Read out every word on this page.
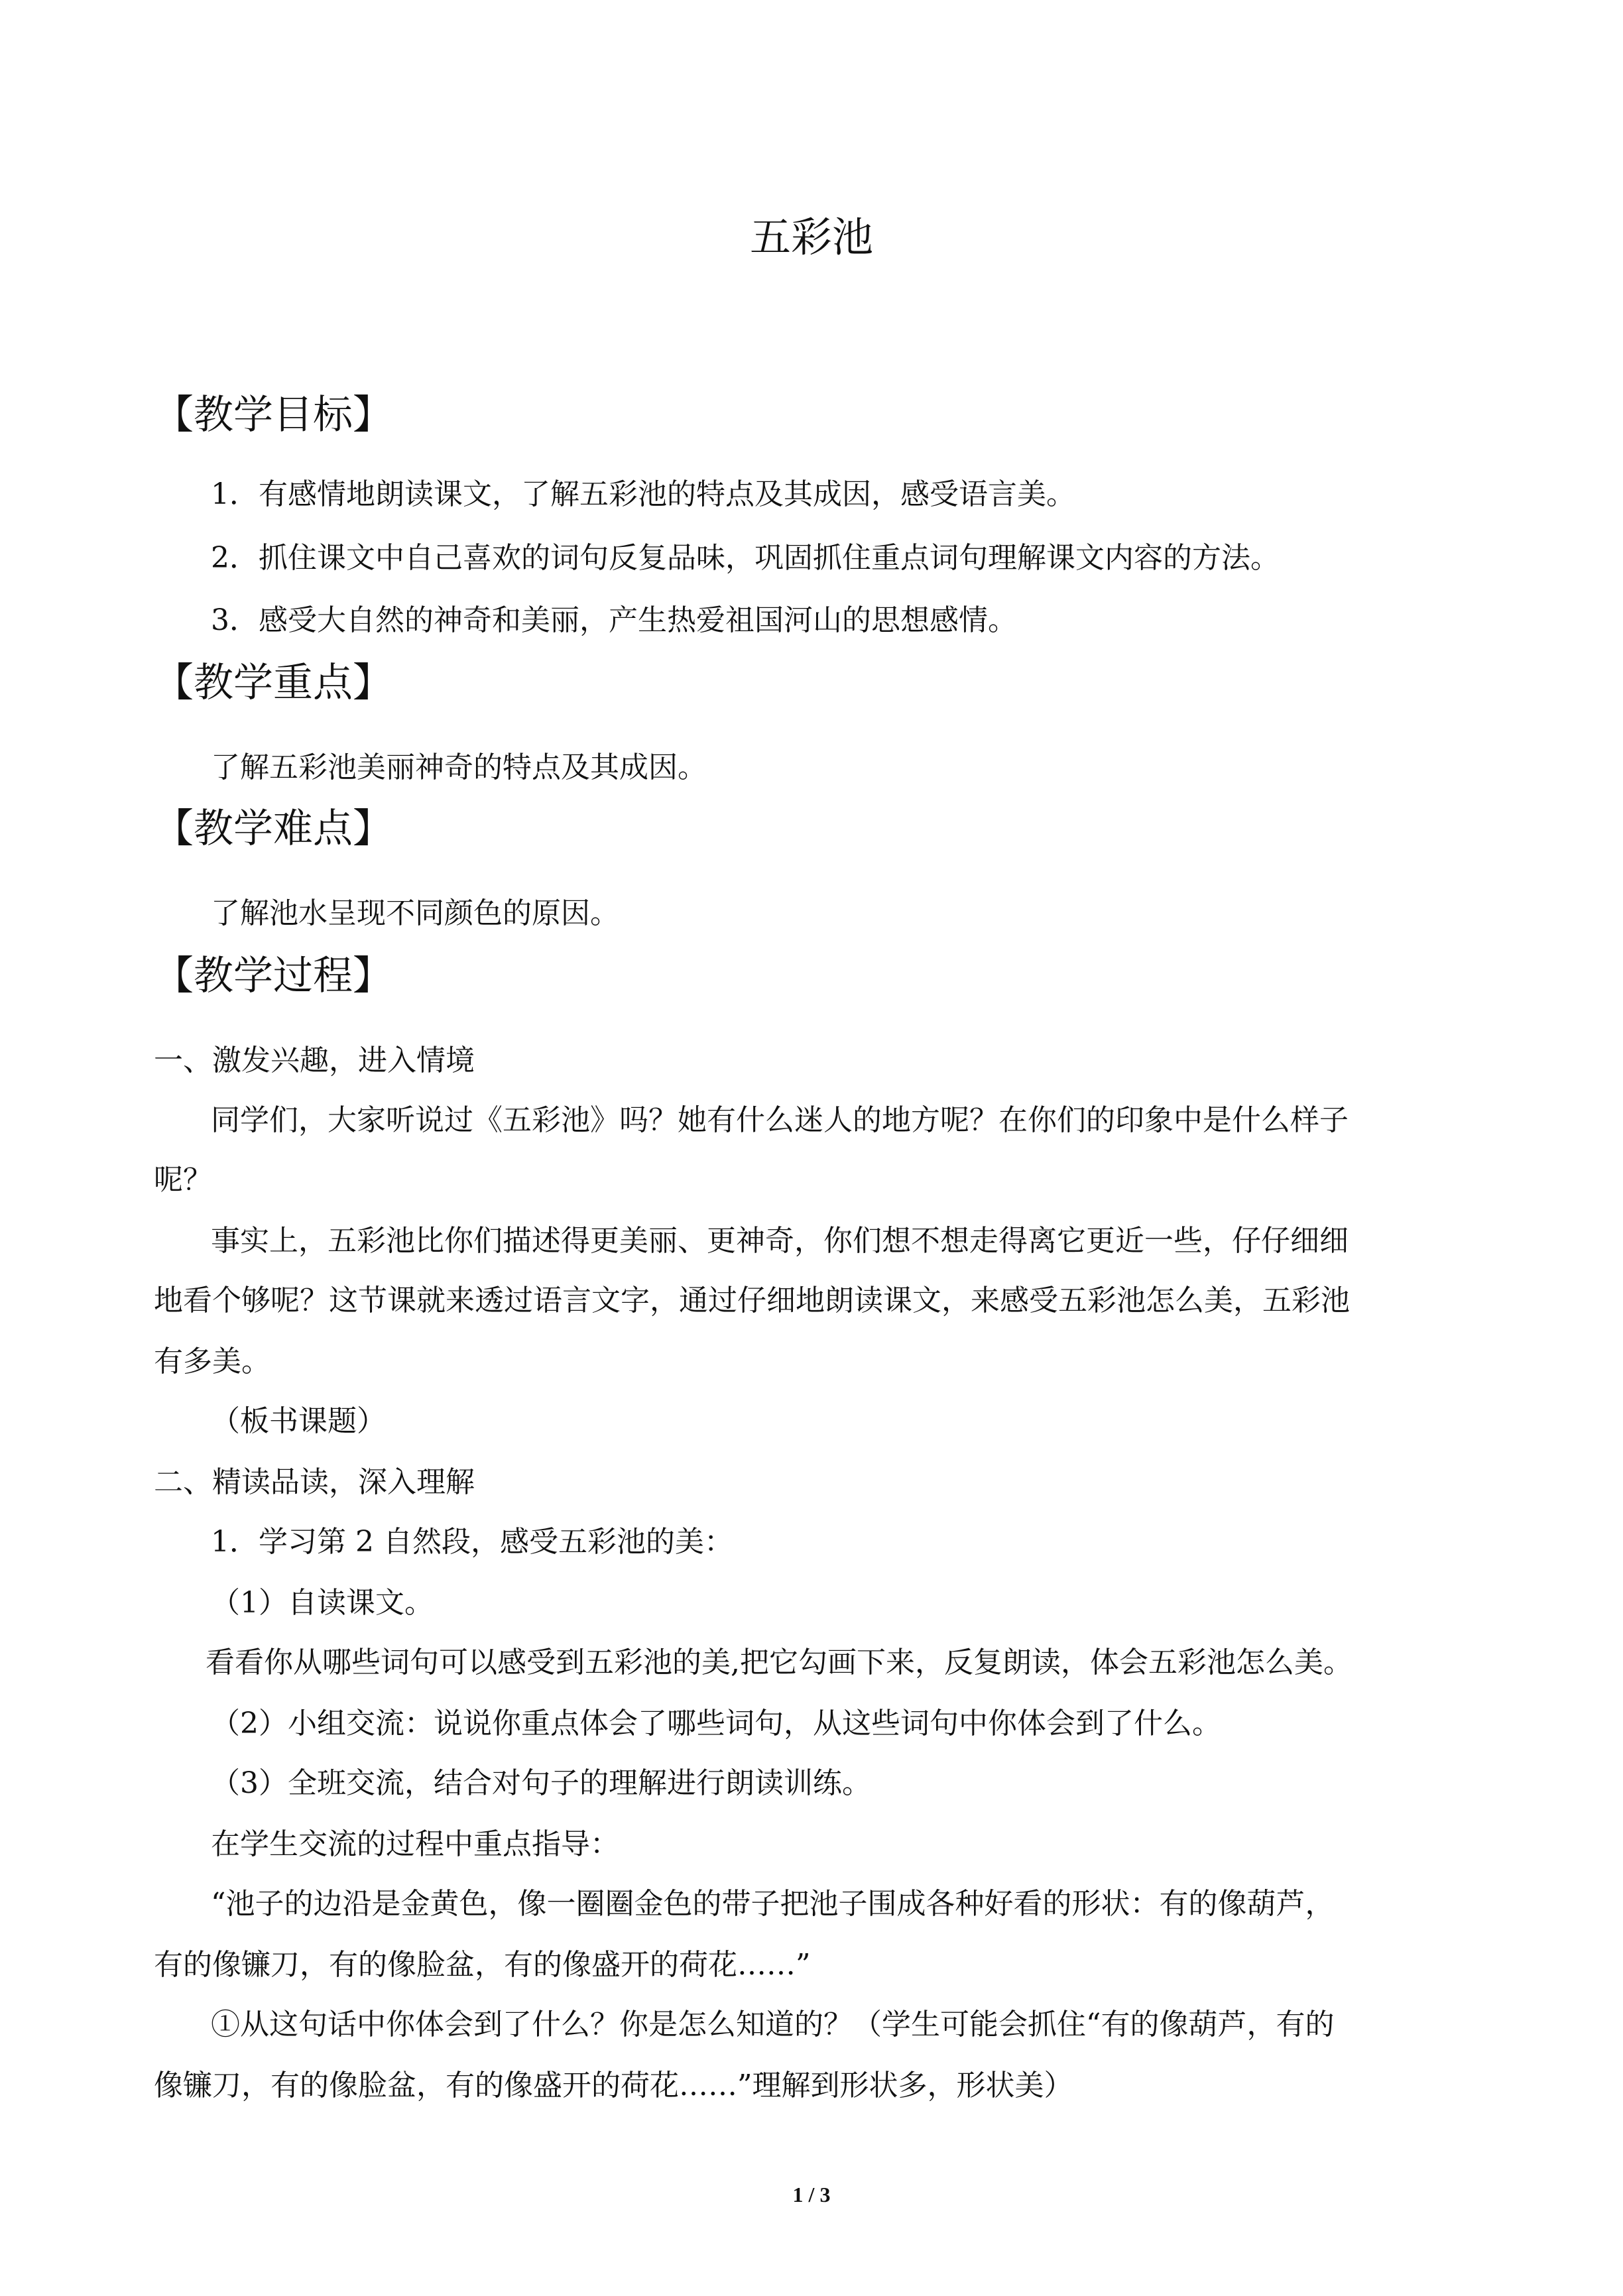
五彩池
【教学目标】
1．有感情地朗读课文，了解五彩池的特点及其成因，感受语言美。
2．抓住课文中自己喜欢的词句反复品味，巩固抓住重点词句理解课文内容的方法。
3．感受大自然的神奇和美丽，产生热爱祖国河山的思想感情。
【教学重点】
了解五彩池美丽神奇的特点及其成因。
【教学难点】
了解池水呈现不同颜色的原因。
【教学过程】
一、激发兴趣，进入情境
同学们，大家听说过《五彩池》吗？她有什么迷人的地方呢？在你们的印象中是什么样子
呢？
事实上，五彩池比你们描述得更美丽、更神奇，你们想不想走得离它更近一些，仔仔细细
地看个够呢？这节课就来透过语言文字，通过仔细地朗读课文，来感受五彩池怎么美，五彩池
有多美。
（板书课题）
二、精读品读，深入理解
1．学习第 2 自然段，感受五彩池的美：
（1）自读课文。
看看你从哪些词句可以感受到五彩池的美,把它勾画下来，反复朗读，体会五彩池怎么美。
（2）小组交流：说说你重点体会了哪些词句，从这些词句中你体会到了什么。
（3）全班交流，结合对句子的理解进行朗读训练。
在学生交流的过程中重点指导：
“池子的边沿是金黄色，像一圈圈金色的带子把池子围成各种好看的形状：有的像葫芦，
有的像镰刀，有的像脸盆，有的像盛开的荷花……”
①从这句话中你体会到了什么？你是怎么知道的？（学生可能会抓住“有的像葫芦，有的
像镰刀，有的像脸盆，有的像盛开的荷花……”理解到形状多，形状美）
1 / 3
